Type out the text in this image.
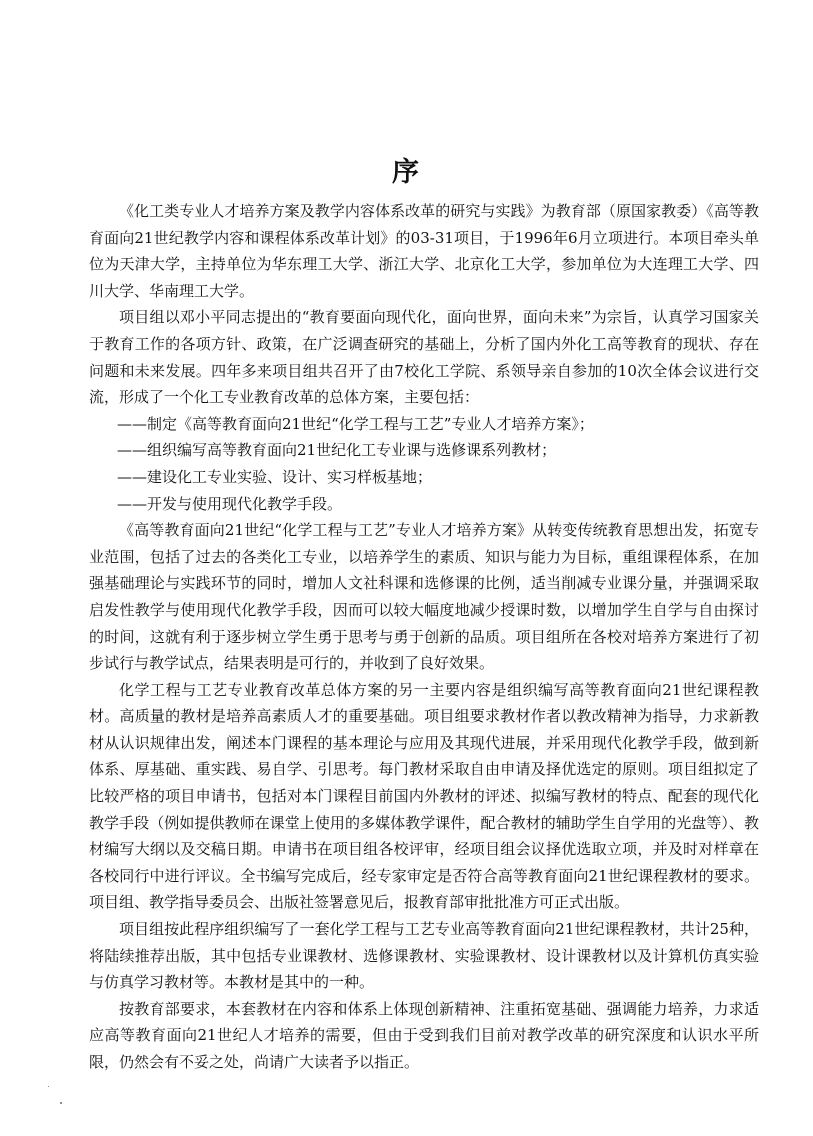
序

《化工类专业人才培养方案及教学内容体系改革的研究与实践》为教育部（原国家教委）《高等教育面向21世纪教学内容和课程体系改革计划》的03-31项目，于1996年6月立项进行。本项目牵头单位为天津大学，主持单位为华东理工大学、浙江大学、北京化工大学，参加单位为大连理工大学、四川大学、华南理工大学。

项目组以邓小平同志提出的“教育要面向现代化，面向世界，面向未来”为宗旨，认真学习国家关于教育工作的各项方针、政策，在广泛调查研究的基础上，分析了国内外化工高等教育的现状、存在问题和未来发展。四年多来项目组共召开了由7校化工学院、系领导亲自参加的10次全体会议进行交流，形成了一个化工专业教育改革的总体方案，主要包括：

——制定《高等教育面向21世纪“化学工程与工艺”专业人才培养方案》；

——组织编写高等教育面向21世纪化工专业课与选修课系列教材；

——建设化工专业实验、设计、实习样板基地；

——开发与使用现代化教学手段。

《高等教育面向21世纪“化学工程与工艺”专业人才培养方案》从转变传统教育思想出发，拓宽专业范围，包括了过去的各类化工专业，以培养学生的素质、知识与能力为目标，重组课程体系，在加强基础理论与实践环节的同时，增加人文社科课和选修课的比例，适当削减专业课分量，并强调采取启发性教学与使用现代化教学手段，因而可以较大幅度地减少授课时数，以增加学生自学与自由探讨的时间，这就有利于逐步树立学生勇于思考与勇于创新的品质。项目组所在各校对培养方案进行了初步试行与教学试点，结果表明是可行的，并收到了良好效果。

化学工程与工艺专业教育改革总体方案的另一主要内容是组织编写高等教育面向21世纪课程教材。高质量的教材是培养高素质人才的重要基础。项目组要求教材作者以教改精神为指导，力求新教材从认识规律出发，阐述本门课程的基本理论与应用及其现代进展，并采用现代化教学手段，做到新体系、厚基础、重实践、易自学、引思考。每门教材采取自由申请及择优选定的原则。项目组拟定了比较严格的项目申请书，包括对本门课程目前国内外教材的评述、拟编写教材的特点、配套的现代化教学手段（例如提供教师在课堂上使用的多媒体教学课件，配合教材的辅助学生自学用的光盘等）、教材编写大纲以及交稿日期。申请书在项目组各校评审，经项目组会议择优选取立项，并及时对样章在各校同行中进行评议。全书编写完成后，经专家审定是否符合高等教育面向21世纪课程教材的要求。项目组、教学指导委员会、出版社签署意见后，报教育部审批批准方可正式出版。

项目组按此程序组织编写了一套化学工程与工艺专业高等教育面向21世纪课程教材，共计25种，将陆续推荐出版，其中包括专业课教材、选修课教材、实验课教材、设计课教材以及计算机仿真实验与仿真学习教材等。本教材是其中的一种。

按教育部要求，本套教材在内容和体系上体现创新精神、注重拓宽基础、强调能力培养，力求适应高等教育面向21世纪人才培养的需要，但由于受到我们目前对教学改革的研究深度和认识水平所限，仍然会有不妥之处，尚请广大读者予以指正。
